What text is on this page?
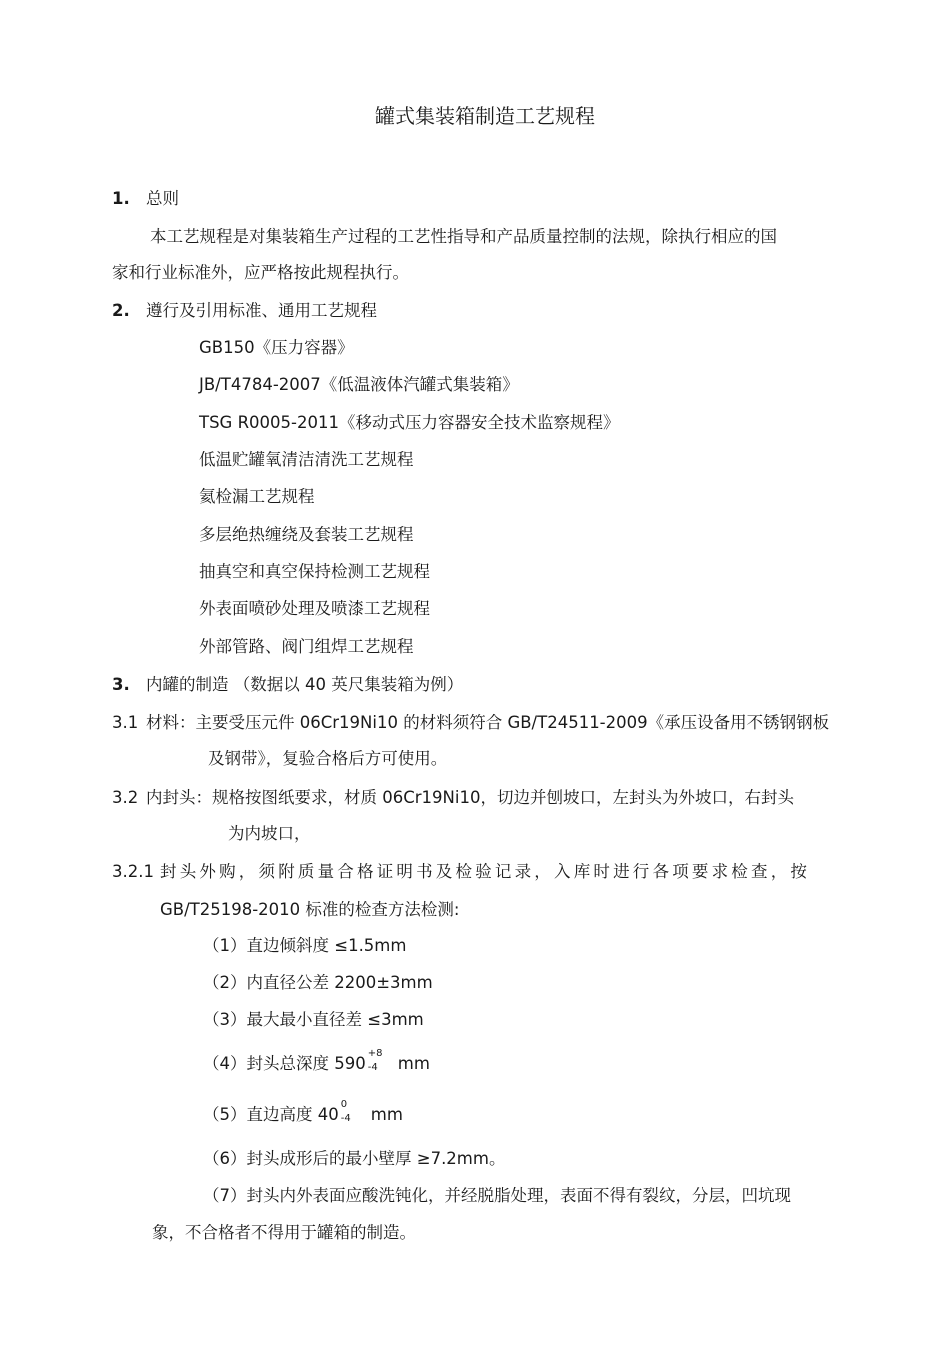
罐式集装箱制造工艺规程
1. 总则
本工艺规程是对集装箱生产过程的工艺性指导和产品质量控制的法规，除执行相应的国
家和行业标准外，应严格按此规程执行。
2. 遵行及引用标准、通用工艺规程
GB150《压力容器》
JB/T4784-2007《低温液体汽罐式集装箱》
TSG R0005-2011《移动式压力容器安全技术监察规程》
低温贮罐氧清洁清洗工艺规程
氦检漏工艺规程
多层绝热缠绕及套装工艺规程
抽真空和真空保持检测工艺规程
外表面喷砂处理及喷漆工艺规程
外部管路、阀门组焊工艺规程
3. 内罐的制造 （数据以 40 英尺集装箱为例）
3.1 材料：主要受压元件 06Cr19Ni10 的材料须符合 GB/T24511-2009《承压设备用不锈钢钢板
及钢带》，复验合格后方可使用。
3.2 内封头：规格按图纸要求，材质 06Cr19Ni10，切边并刨坡口，左封头为外坡口，右封头
为内坡口，
3.2.1 封头外购，须附质量合格证明书及检验记录，入库时进行各项要求检查，按
GB/T25198-2010 标准的检查方法检测:
（1）直边倾斜度 ≤1.5mm
（2）内直径公差 2200±3mm
（3）最大最小直径差 ≤3mm
（4）封头总深度 590
+8
-4 mm
（5）直边高度 40
0
-4 mm
（6）封头成形后的最小壁厚 ≥7.2mm。
（7）封头内外表面应酸洗钝化，并经脱脂处理，表面不得有裂纹，分层，凹坑现
象，不合格者不得用于罐箱的制造。
